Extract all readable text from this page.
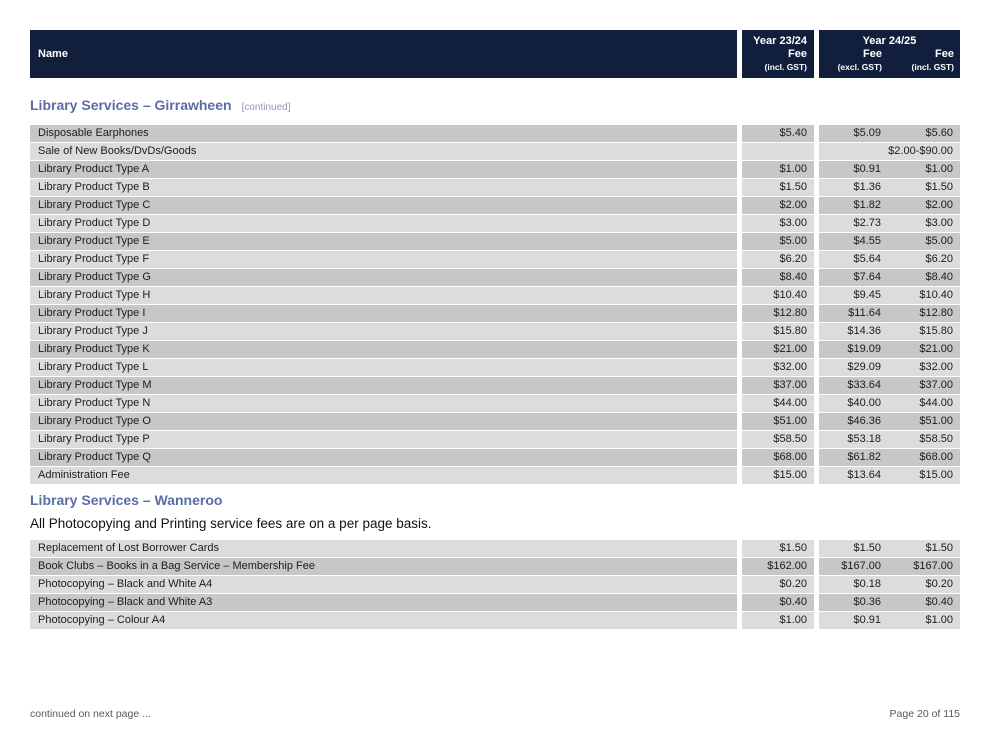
Name
Year 23/24
Fee
(incl. GST)
Year 24/25
Fee	Fee
(excl. GST)	(incl. GST)
Library Services – Girrawheen [continued]
Disposable Earphones	$5.40	$5.09	$5.60
Sale of New Books/DvDs/Goods	$2.00-$90.00
Library Product Type A	$1.00	$0.91	$1.00
Library Product Type B	$1.50	$1.36	$1.50
Library Product Type C	$2.00	$1.82	$2.00
Library Product Type D	$3.00	$2.73	$3.00
Library Product Type E	$5.00	$4.55	$5.00
Library Product Type F	$6.20	$5.64	$6.20
Library Product Type G	$8.40	$7.64	$8.40
Library Product Type H	$10.40	$9.45	$10.40
Library Product Type I	$12.80	$11.64	$12.80
Library Product Type J	$15.80	$14.36	$15.80
Library Product Type K	$21.00	$19.09	$21.00
Library Product Type L	$32.00	$29.09	$32.00
Library Product Type M	$37.00	$33.64	$37.00
Library Product Type N	$44.00	$40.00	$44.00
Library Product Type O	$51.00	$46.36	$51.00
Library Product Type P	$58.50	$53.18	$58.50
Library Product Type Q	$68.00	$61.82	$68.00
Administration Fee	$15.00	$13.64	$15.00
Library Services – Wanneroo
All Photocopying and Printing service fees are on a per page basis.
Replacement of Lost Borrower Cards	$1.50	$1.50	$1.50
Book Clubs – Books in a Bag Service – Membership Fee	$162.00	$167.00	$167.00
Photocopying – Black and White A4	$0.20	$0.18	$0.20
Photocopying – Black and White A3	$0.40	$0.36	$0.40
Photocopying – Colour A4	$1.00	$0.91	$1.00
continued on next page ...	Page 20 of 115
